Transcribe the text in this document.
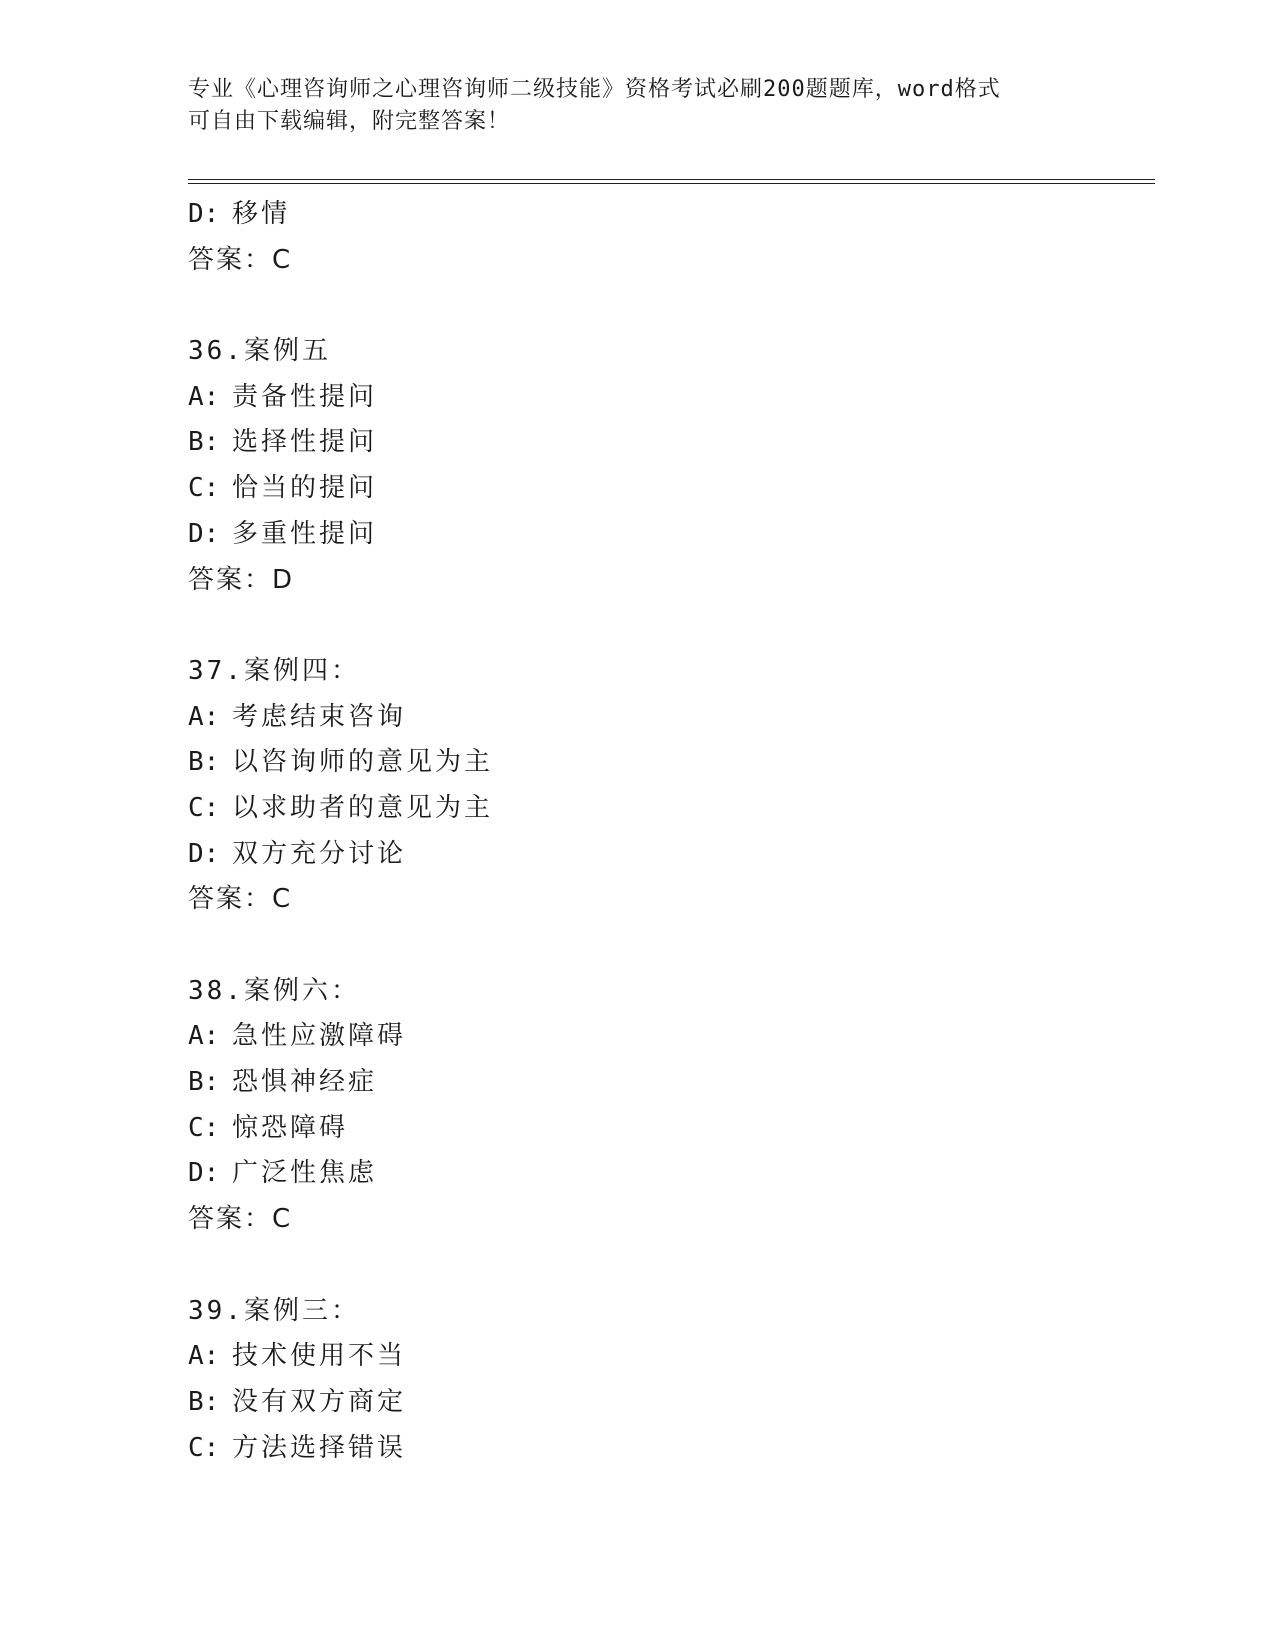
专业《心理咨询师之心理咨询师二级技能》资格考试必刷200题题库，word格式
可自由下载编辑，附完整答案！
D: 移情
答案：C
36.案例五
A: 责备性提问
B: 选择性提问
C: 恰当的提问
D: 多重性提问
答案：D
37.案例四：
A: 考虑结束咨询
B: 以咨询师的意见为主
C: 以求助者的意见为主
D: 双方充分讨论
答案：C
38.案例六：
A: 急性应激障碍
B: 恐惧神经症
C: 惊恐障碍
D: 广泛性焦虑
答案：C
39.案例三：
A: 技术使用不当
B: 没有双方商定
C: 方法选择错误
